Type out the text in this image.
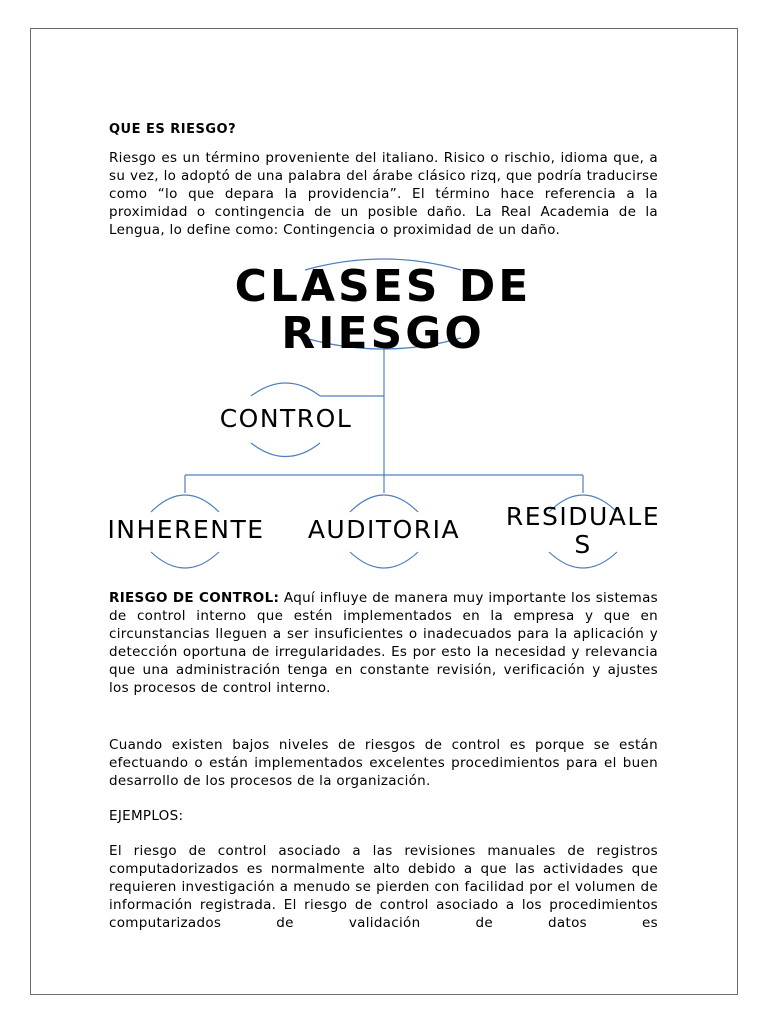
QUE ES RIESGO?

Riesgo es un término proveniente del italiano. Risico o rischio, idioma que, a su vez, lo adoptó de una palabra del árabe clásico rizq, que podría traducirse como “lo que depara la providencia”. El término hace referencia a la proximidad o contingencia de un posible daño. La Real Academia de la Lengua, lo define como: Contingencia o proximidad de un daño.

CLASES DE RIESGO

CONTROL

INHERENTE	AUDITORIA	RESIDUALES

RIESGO DE CONTROL: Aquí influye de manera muy importante los sistemas de control interno que estén implementados en la empresa y que en circunstancias lleguen a ser insuficientes o inadecuados para la aplicación y detección oportuna de irregularidades. Es por esto la necesidad y relevancia que una administración tenga en constante revisión, verificación y ajustes los procesos de control interno.

Cuando existen bajos niveles de riesgos de control es porque se están efectuando o están implementados excelentes procedimientos para el buen desarrollo de los procesos de la organización.

EJEMPLOS:

El riesgo de control asociado a las revisiones manuales de registros computadorizados es normalmente alto debido a que las actividades que requieren investigación a menudo se pierden con facilidad por el volumen de información registrada. El riesgo de control asociado a los procedimientos computarizados de validación de datos es
